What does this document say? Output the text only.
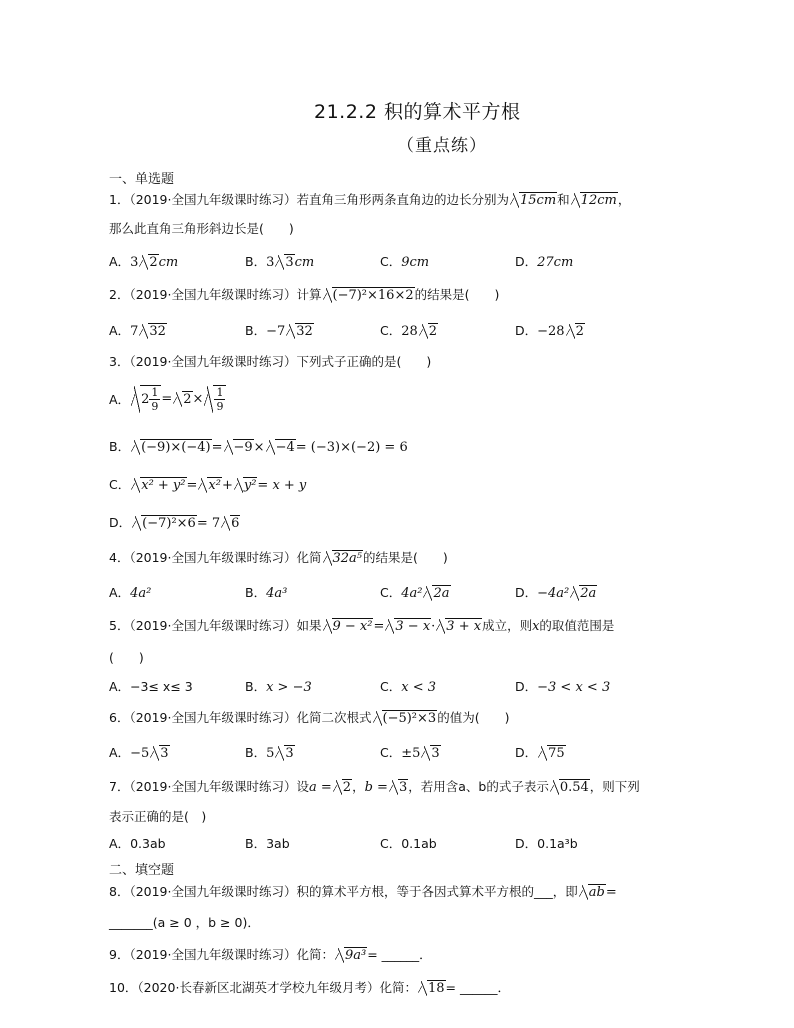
21.2.2 积的算术平方根
（重点练）
一、单选题
1．（2019·全国九年级课时练习）若直角三角形两条直角边的边长分别为 15cm和 12cm，
那么此直角三角形斜边长是(　　)
A．3 2cm	B．3 3cm	C．9cm	D．27cm
2．（2019·全国九年级课时练习）计算 (−7)²×16×2的结果是(　　)
A．7 32	B．−7 32	C．28 2	D．−28 2
3．（2019·全国九年级课时练习）下列式子正确的是(　　)
A． $2 \frac{1}{9} = 2\times \frac{1}{9}$
B． (−9)×(−4)= −9× −4= (−3)×(−2) = 6
C． x² + y²= x²+ y²= x + y
D． (−7)²×6= 7 6
4．（2019·全国九年级课时练习）化简 32a⁵的结果是(　　)
A．4a²	B．4a³	C．4a² 2a	D．−4a² 2a
5．（2019·全国九年级课时练习）如果 9 − x²= 3 − x· 3 + x成立，则x的取值范围是
(　　)
A．−3≤ x≤ 3	B．x > −3	C．x < 3	D．−3 < x < 3
6．（2019·全国九年级课时练习）化简二次根式 (−5)²×3的值为(　　)
A．−5 3	B．5 3	C．±5 3	D． 75
7．（2019·全国九年级课时练习）设a = 2，b = 3，若用含a、b的式子表示 0.54，则下列
表示正确的是(　)
A．0.3ab	B．3ab	C．0.1ab	D．0.1a³b
二、填空题
8．（2019·全国九年级课时练习）积的算术平方根，等于各因式算术平方根的___，即 ab=
_______(a ≥ 0 ，b ≥ 0)．
9．（2019·全国九年级课时练习）化简： 9a³= ______．
10．（2020·长春新区北湖英才学校九年级月考）化简： 18= ______．
